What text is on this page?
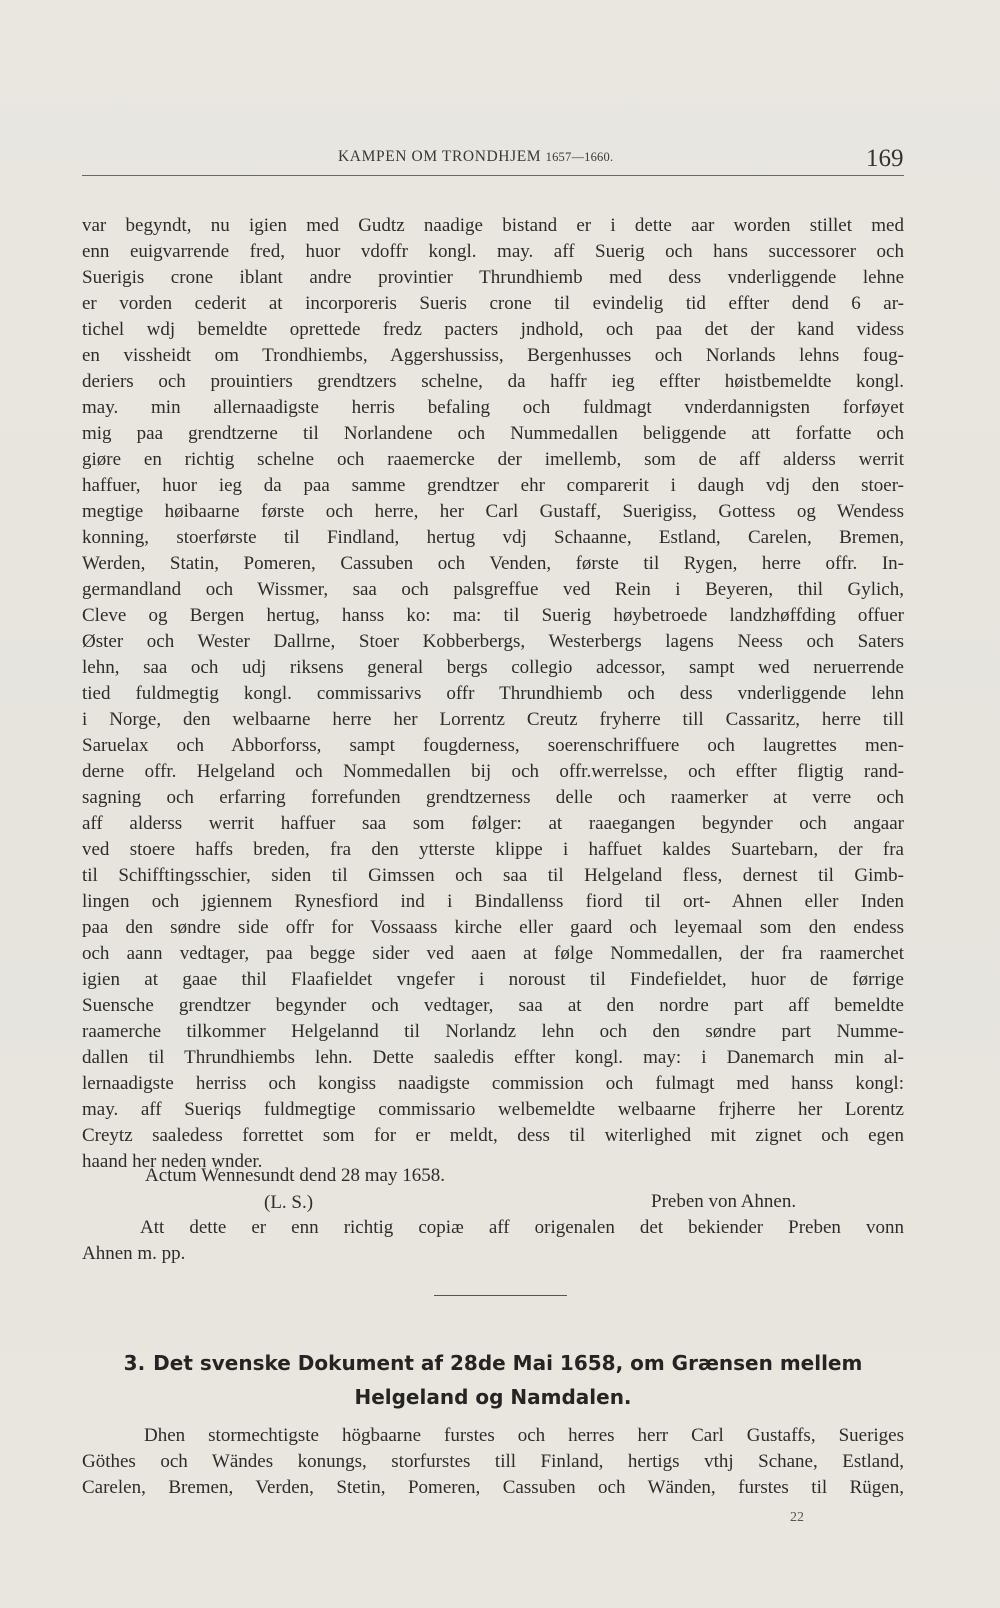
KAMPEN OM TRONDHJEM 1657—1660.	169
var begyndt, nu igien med Gudtz naadige bistand er i dette aar worden stillet med
enn euigvarrende fred, huor vdoffr kongl. may. aff Suerig och hans successorer och
Suerigis crone iblant andre provintier Thrundhiemb med dess vnderliggende lehne
er vorden cederit at incorporeris Sueris crone til evindelig tid effter dend 6 ar-
tichel wdj bemeldte oprettede fredz pacters jndhold, och paa det der kand videss
en vissheidt om Trondhiembs, Aggershussiss, Bergenhusses och Norlands lehns foug-
deriers och prouintiers grendtzers schelne, da haffr ieg effter høistbemeldte kongl.
may. min allernaadigste herris befaling och fuldmagt vnderdannigsten forføyet
mig paa grendtzerne til Norlandene och Nummedallen beliggende att forfatte och
giøre en richtig schelne och raaemercke der imellemb, som de aff alderss werrit
haffuer, huor ieg da paa samme grendtzer ehr comparerit i daugh vdj den stoer-
megtige høibaarne første och herre, her Carl Gustaff, Suerigiss, Gottess og Wendess
konning, stoerførste til Findland, hertug vdj Schaanne, Estland, Carelen, Bremen,
Werden, Statin, Pomeren, Cassuben och Venden, første til Rygen, herre offr. In-
germandland och Wissmer, saa och palsgreffue ved Rein i Beyeren, thil Gylich,
Cleve og Bergen hertug, hanss ko: ma: til Suerig høybetroede landzhøffding offuer
Øster och Wester Dallrne, Stoer Kobberbergs, Westerbergs lagens Neess och Saters
lehn, saa och udj riksens general bergs collegio adcessor, sampt wed neruerrende
tied fuldmegtig kongl. commissarivs offr Thrundhiemb och dess vnderliggende lehn
i Norge, den welbaarne herre her Lorrentz Creutz fryherre till Cassaritz, herre till
Saruelax och Abborforss, sampt fougderness, soerenschriffuere och laugrettes men-
derne offr. Helgeland och Nommedallen bij och offr.werrelsse, och effter fligtig rand-
sagning och erfarring forrefunden grendtzerness delle och raamerker at verre och
aff alderss werrit haffuer saa som følger: at raaegangen begynder och angaar
ved stoere haffs breden, fra den ytterste klippe i haffuet kaldes Suartebarn, der fra
til Schifftingsschier, siden til Gimssen och saa til Helgeland fless, dernest til Gimb-
lingen och jgiennem Rynesfiord ind i Bindallenss fiord til ort- Ahnen eller Inden
paa den søndre side offr for Vossaass kirche eller gaard och leyemaal som den endess
och aann vedtager, paa begge sider ved aaen at følge Nommedallen, der fra raamerchet
igien at gaae thil Flaafieldet vngefer i noroust til Findefieldet, huor de førrige
Suensche grendtzer begynder och vedtager, saa at den nordre part aff bemeldte
raamerche tilkommer Helgelannd til Norlandz lehn och den søndre part Numme-
dallen til Thrundhiembs lehn. Dette saaledis effter kongl. may: i Danemarch min al-
lernaadigste herriss och kongiss naadigste commission och fulmagt med hanss kongl:
may. aff Sueriqs fuldmegtige commissario welbemeldte welbaarne frjherre her Lorentz
Creytz saaledess forrettet som for er meldt, dess til witerlighed mit zignet och egen
haand her neden wnder.
Actum Wennesundt dend 28 may 1658.
(L. S.)	Preben von Ahnen.
Att dette er enn richtig copiæ aff origenalen det bekiender Preben vonn
Ahnen m. pp.
3. Det svenske Dokument af 28de Mai 1658, om Grænsen mellem
Helgeland og Namdalen.
Dhen stormechtigste högbaarne furstes och herres herr Carl Gustaffs, Sueriges
Göthes och Wändes konungs, storfurstes till Finland, hertigs vthj Schane, Estland,
Carelen, Bremen, Verden, Stetin, Pomeren, Cassuben och Wänden, furstes til Rügen,
22
